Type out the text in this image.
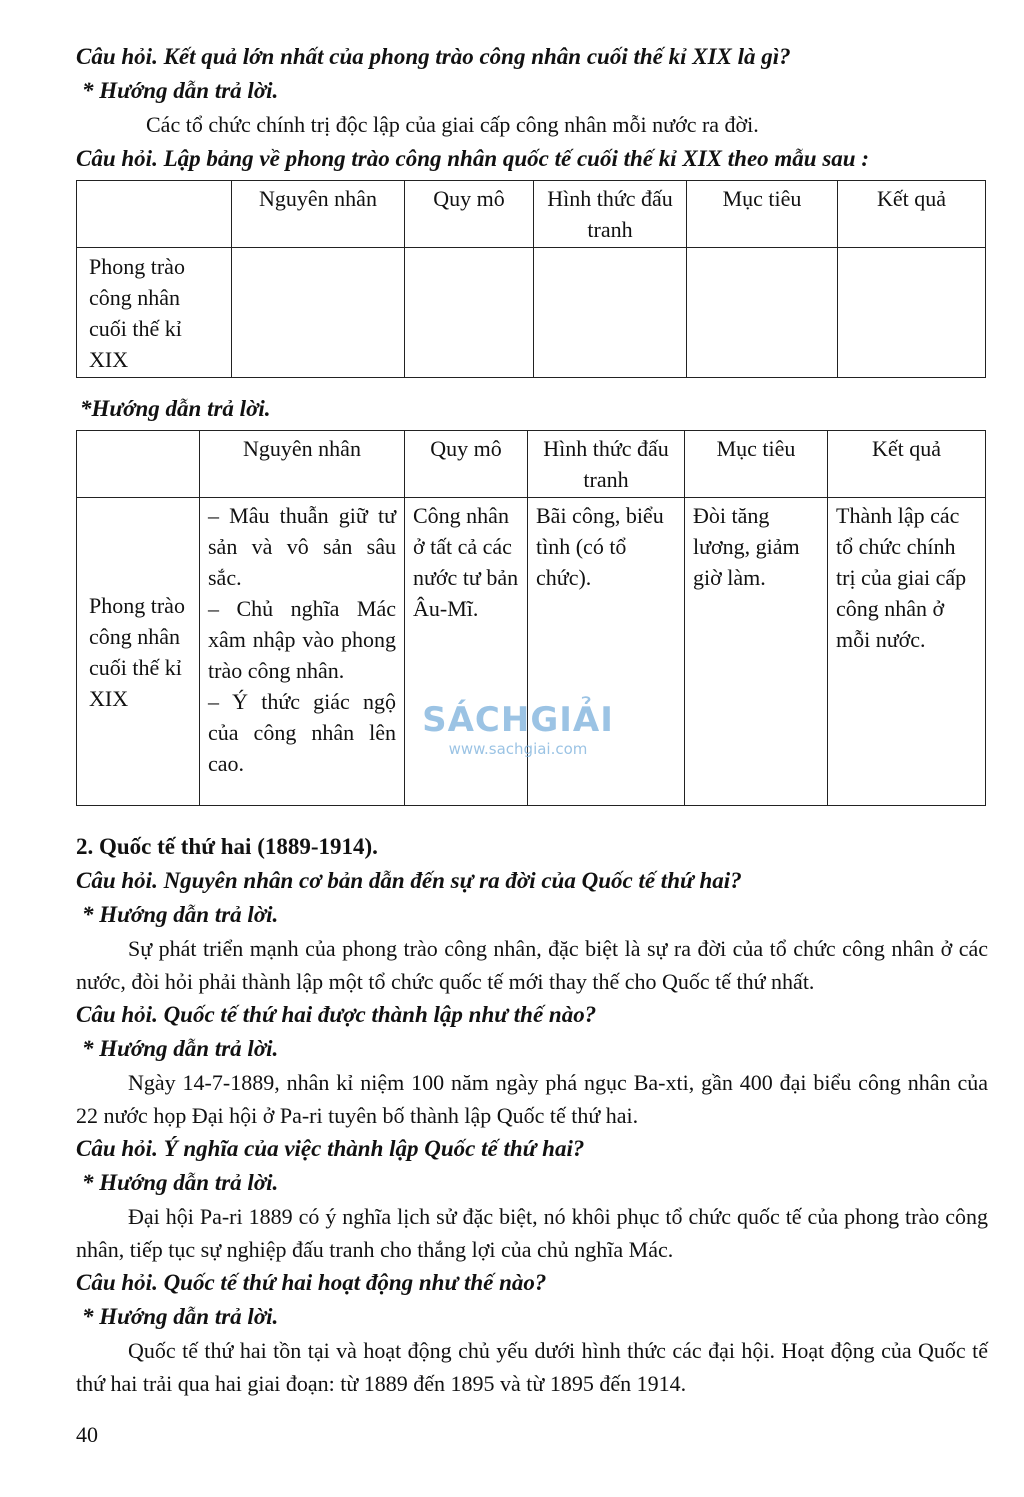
Câu hỏi. Kết quả lớn nhất của phong trào công nhân cuối thế kỉ XIX là gì?

* Hướng dẫn trả lời.

Các tổ chức chính trị độc lập của giai cấp công nhân mỗi nước ra đời.

Câu hỏi. Lập bảng về phong trào công nhân quốc tế cuối thế kỉ XIX theo mẫu sau :

	Nguyên nhân	Quy mô	Hình thức đấu tranh	Mục tiêu	Kết quả
Phong trào công nhân cuối thế kỉ XIX					

*Hướng dẫn trả lời.

	Nguyên nhân	Quy mô	Hình thức đấu tranh	Mục tiêu	Kết quả
Phong trào công nhân cuối thế kỉ XIX	– Mâu thuẫn giữ tư sản và vô sản sâu sắc.
– Chủ nghĩa Mác xâm nhập vào phong trào công nhân.
– Ý thức giác ngộ của công nhân lên cao.	Công nhân ở tất cả các nước tư bản Âu-Mĩ.	Bãi công, biểu tình (có tổ chức).	Đòi tăng lương, giảm giờ làm.	Thành lập các tổ chức chính trị của giai cấp công nhân ở mỗi nước.

2. Quốc tế thứ hai (1889-1914).

Câu hỏi. Nguyên nhân cơ bản dẫn đến sự ra đời của Quốc tế thứ hai?

* Hướng dẫn trả lời.

Sự phát triển mạnh của phong trào công nhân, đặc biệt là sự ra đời của tổ chức công nhân ở các nước, đòi hỏi phải thành lập một tổ chức quốc tế mới thay thế cho Quốc tế thứ nhất.

Câu hỏi. Quốc tế thứ hai được thành lập như thế nào?

* Hướng dẫn trả lời.

Ngày 14-7-1889, nhân kỉ niệm 100 năm ngày phá ngục Ba-xti, gần 400 đại biểu công nhân của 22 nước họp Đại hội ở Pa-ri tuyên bố thành lập Quốc tế thứ hai.

Câu hỏi. Ý nghĩa của việc thành lập Quốc tế thứ hai?

* Hướng dẫn trả lời.

Đại hội Pa-ri 1889 có ý nghĩa lịch sử đặc biệt, nó khôi phục tổ chức quốc tế của phong trào công nhân, tiếp tục sự nghiệp đấu tranh cho thắng lợi của chủ nghĩa Mác.

Câu hỏi. Quốc tế thứ hai hoạt động như thế nào?

* Hướng dẫn trả lời.

Quốc tế thứ hai tồn tại và hoạt động chủ yếu dưới hình thức các đại hội. Hoạt động của Quốc tế thứ hai trải qua hai giai đoạn: từ 1889 đến 1895 và từ 1895 đến 1914.

SÁCHGIẢI
www.sachgiai.com
40
